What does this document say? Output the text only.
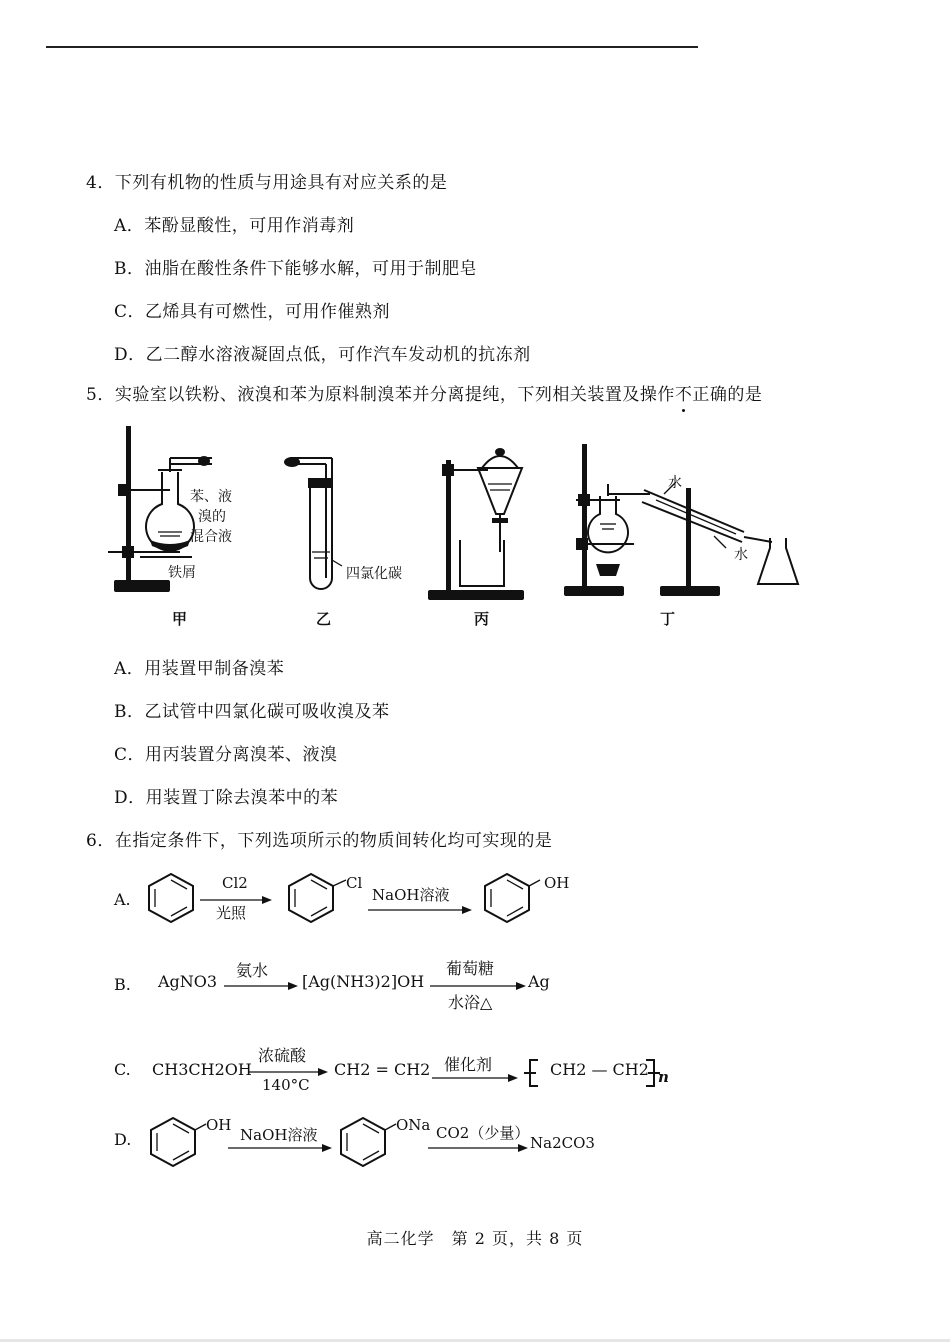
4．下列有机物的性质与用途具有对应关系的是
A．苯酚显酸性，可用作消毒剂
B．油脂在酸性条件下能够水解，可用于制肥皂
C．乙烯具有可燃性，可用作催熟剂
D．乙二醇水溶液凝固点低，可作汽车发动机的抗冻剂
5．实验室以铁粉、液溴和苯为原料制溴苯并分离提纯，下列相关装置及操作不正确的是
苯、液
溴的
混合液
铁屑
甲
四氯化碳
乙	丙
水
水
丁
A．用装置甲制备溴苯
B．乙试管中四氯化碳可吸收溴及苯
C．用丙装置分离溴苯、液溴
D．用装置丁除去溴苯中的苯
6．在指定条件下，下列选项所示的物质间转化均可实现的是
A.
Cl2
光照
Cl
NaOH溶液
OH
B. AgNO3
氨水
[Ag(NH3)2]OH
葡萄糖
水浴△
Ag
C. CH3CH2OH
浓硫酸
140°C
CH2 = CH2 催化剂	CH2 — CH2 n
D.
OH
NaOH溶液
ONa CO2（少量）
Na2CO3
高二化学　第 2 页，共 8 页
